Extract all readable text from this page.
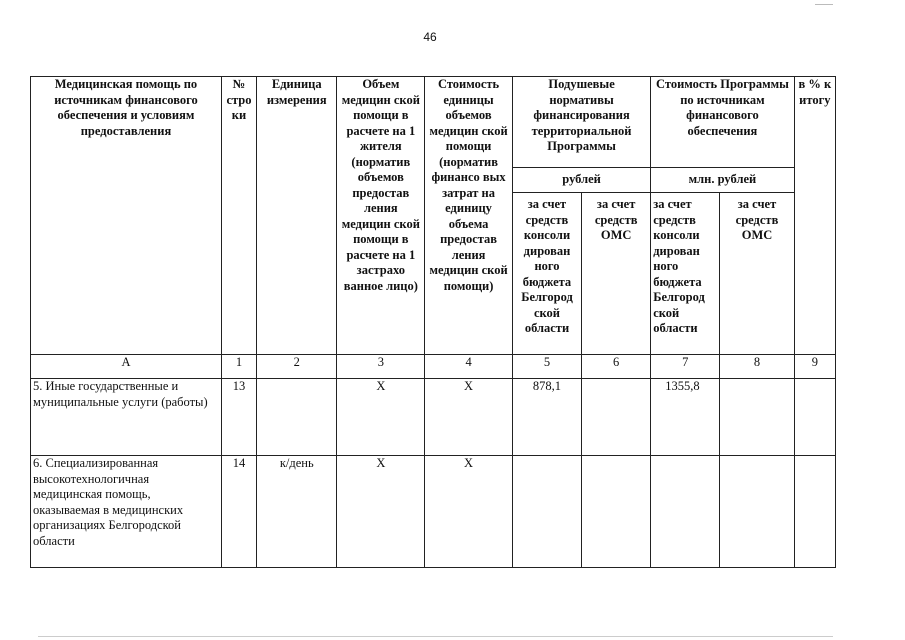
46
Медицинская помощь по источникам финансового обеспечения и условиям предоставления	№ стро ки	Единица измерения	Объем медицин ской помощи в расчете на 1 жителя (норматив объемов предостав ления медицин ской помощи в расчете на 1 застрахо ванное лицо)	Стоимость единицы объемов медицин ской помощи (норматив финансо вых затрат на единицу объема предостав ления медицин ской помощи)	Подушевые нормативы финансирования территориальной Программы		Стоимость Программы по источникам финансового обеспечения		в % к итогу
					рублей		млн. рублей		
					за счет средств консоли дирован ного бюджета Белгород ской области	за счет средств ОМС	за счет средств консоли дирован ного бюджета Белгород ской области	за счет средств ОМС	
А	1	2	3	4	5	6	7	8	9
5. Иные государственные и муниципальные услуги (работы)	13		Х	Х	878,1		1355,8		
6. Специализированная высокотехнологичная медицинская помощь, оказываемая в медицинских организациях Белгородской области	14	к/день	Х	Х					
